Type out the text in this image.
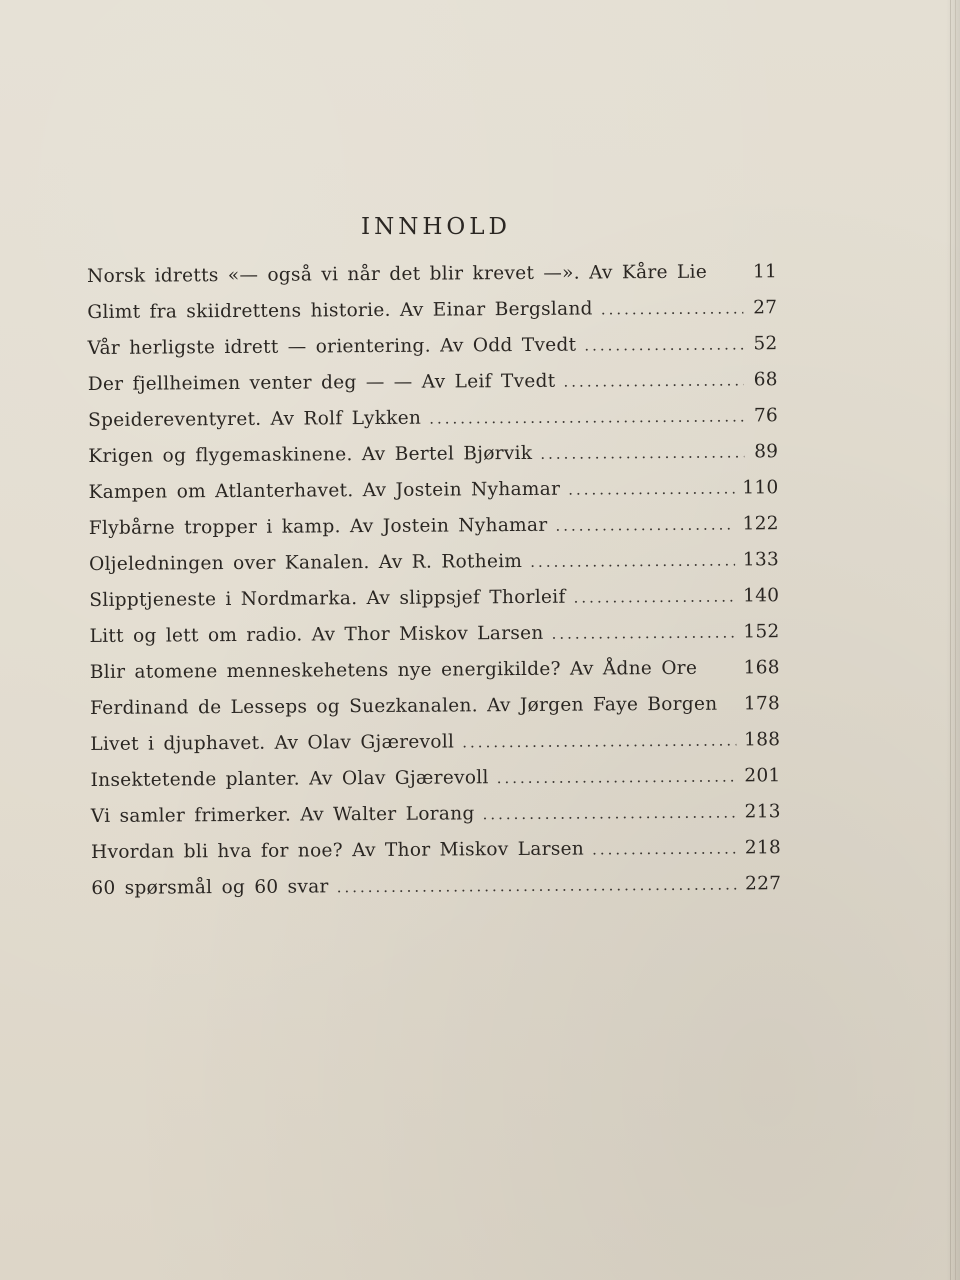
INNHOLD
Norsk idretts «— også vi når det blir krevet —». Av Kåre Lie 11
Glimt fra skiidrettens historie. Av Einar Bergsland .....	27
Vår herligste idrett — orientering. Av Odd Tvedt .....	52
Der fjellheimen venter deg — — Av Leif Tvedt .....	68
Speidereventyret. Av Rolf Lykken .....	76
Krigen og flygemaskinene. Av Bertel Bjørvik .....	89
Kampen om Atlanterhavet. Av Jostein Nyhamar .....	110
Flybårne tropper i kamp. Av Jostein Nyhamar .....	122
Oljeledningen over Kanalen. Av R. Rotheim .....	133
Slipptjeneste i Nordmarka. Av slippsjef Thorleif .....	140
Litt og lett om radio. Av Thor Miskov Larsen .....	152
Blir atomene menneskehetens nye energikilde? Av Ådne Ore	168
Ferdinand de Lesseps og Suezkanalen. Av Jørgen Faye Borgen 178
Livet i djuphavet. Av Olav Gjærevoll .....	188
Insektetende planter. Av Olav Gjærevoll .....	201
Vi samler frimerker. Av Walter Lorang .....	213
Hvordan bli hva for noe? Av Thor Miskov Larsen .....	218
60 spørsmål og 60 svar .....	227
